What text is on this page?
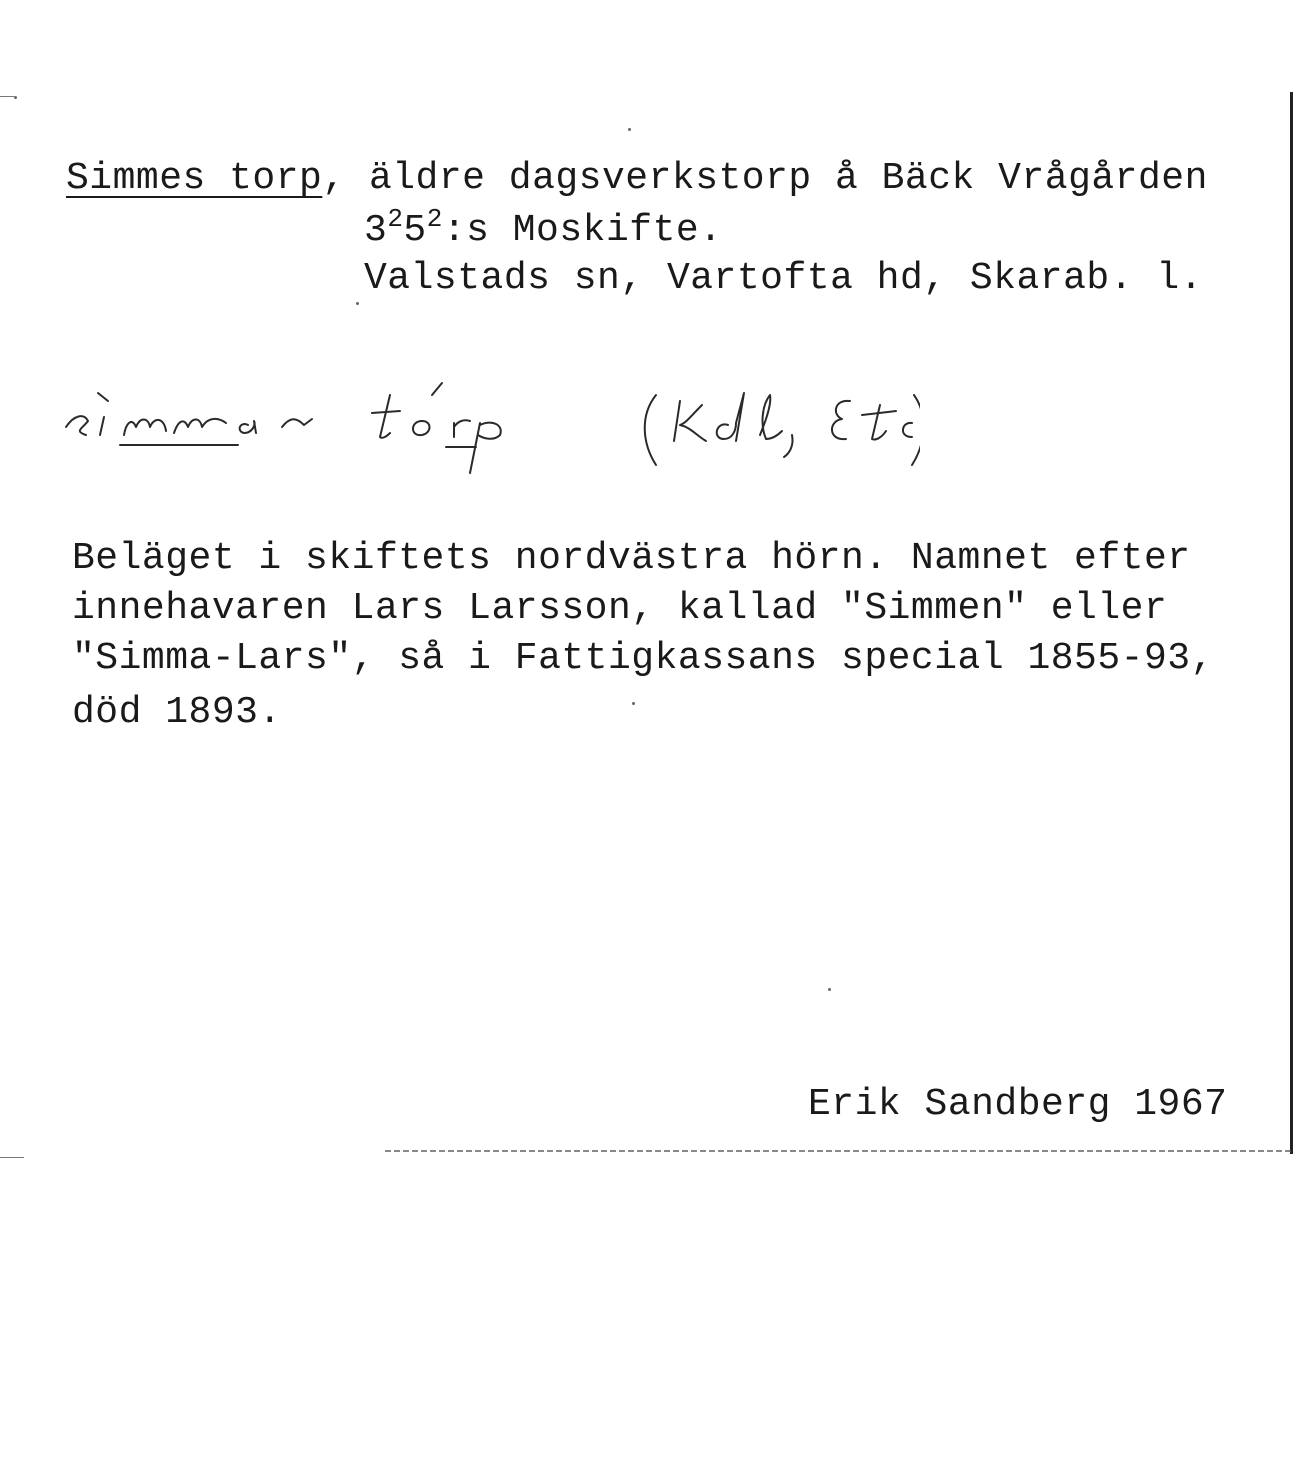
Simmes torp, äldre dagsverkstorp å Bäck Vrågården
$3^25^2:s$ Moskifte.
Valstads sn, Vartofta hd, Skarab. l.
Beläget i skiftets nordvästra hörn. Namnet efter
innehavaren Lars Larsson, kallad "Simmen" eller
"Simma-Lars", så i Fattigkassans special 1855-93,
död 1893.
Erik Sandberg 1967
